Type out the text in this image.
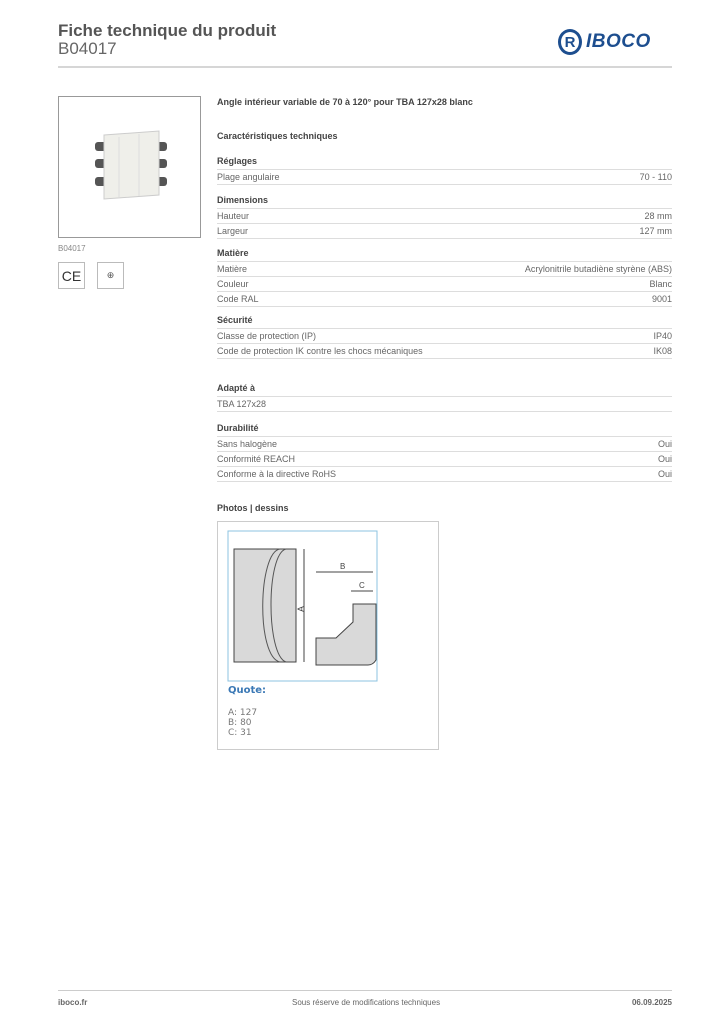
Fiche technique du produit
B04017	R IBOCO
B04017
CE	⊕
Angle intérieur variable de 70 à 120° pour TBA 127x28 blanc
Caractéristiques techniques
Réglages
Plage angulaire	70 - 110
Dimensions
Hauteur	28 mm
Largeur	127 mm
Matière
Matière	Acrylonitrile butadiène styrène (ABS)
Couleur	Blanc
Code RAL	9001
Sécurité
Classe de protection (IP)	IP40
Code de protection IK contre les chocs mécaniques	IK08
Adapté à
TBA 127x28
Durabilité
Sans halogène	Oui
Conformité REACH	Oui
Conforme à la directive RoHS	Oui
Photos | dessins
A
B
C
Quote:
A: 127
B: 80
C: 31
iboco.fr	Sous réserve de modifications techniques	06.09.2025
